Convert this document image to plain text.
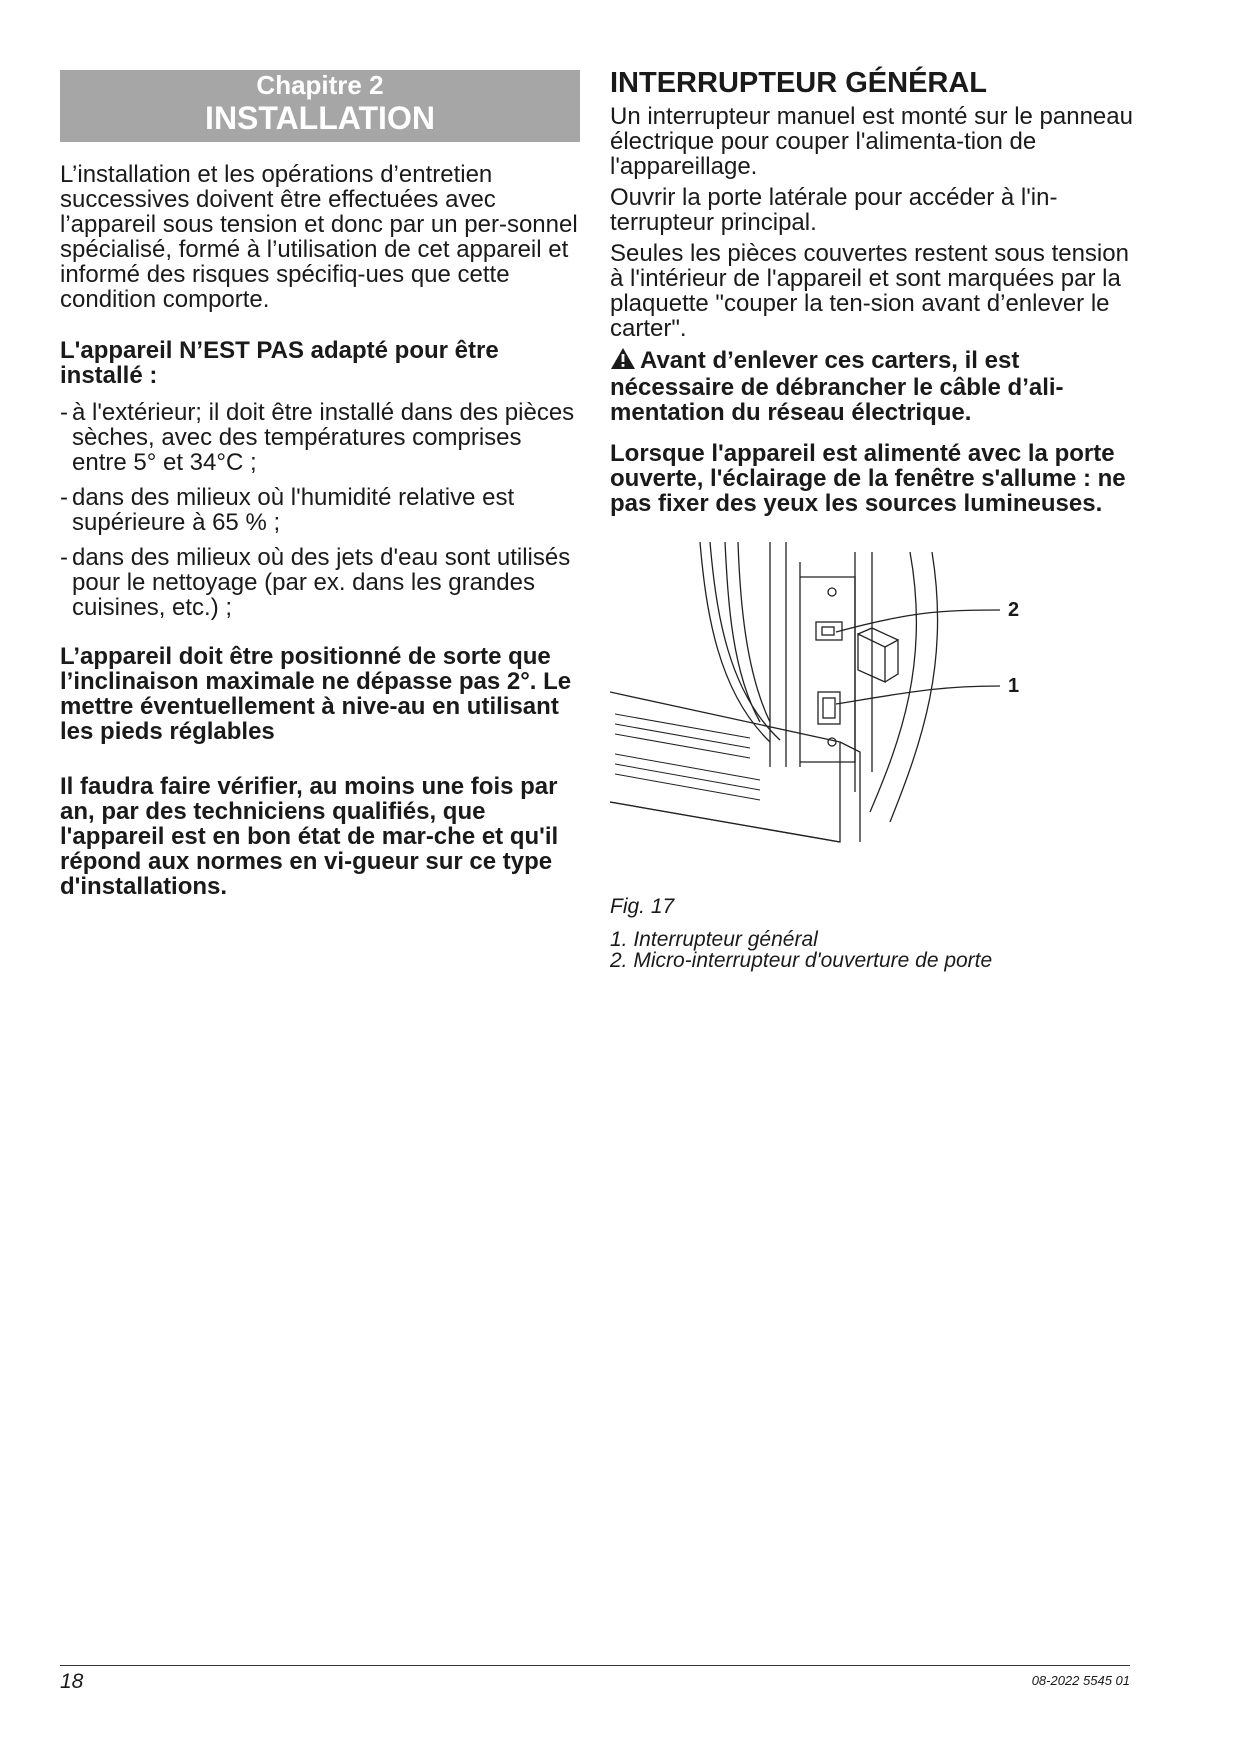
Chapitre 2
INSTALLATION

L’installation et les opérations d’entretien successives doivent être effectuées avec l’appareil sous tension et donc par un per-sonnel spécialisé, formé à l’utilisation de cet appareil et informé des risques spécifiq-ues que cette condition comporte.

L'appareil N’EST PAS adapté pour être installé :

- à l'extérieur; il doit être installé dans des pièces sèches, avec des températures comprises entre 5° et 34°C ;
- dans des milieux où l'humidité relative est supérieure à 65 % ;
- dans des milieux où des jets d'eau sont utilisés pour le nettoyage (par ex. dans les grandes cuisines, etc.) ;

L’appareil doit être positionné de sorte que l’inclinaison maximale ne dépasse pas 2°. Le mettre éventuellement à nive-au en utilisant les pieds réglables

Il faudra faire vérifier, au moins une fois par an, par des techniciens qualifiés, que l'appareil est en bon état de mar-che et qu'il répond aux normes en vi-gueur sur ce type d'installations.

INTERRUPTEUR GÉNÉRAL

Un interrupteur manuel est monté sur le panneau électrique pour couper l'alimenta-tion de l'appareillage.

Ouvrir la porte latérale pour accéder à l'in-terrupteur principal.

Seules les pièces couvertes restent sous tension à l'intérieur de l'appareil et sont marquées par la plaquette "couper la ten-sion avant d’enlever le carter".

Avant d’enlever ces carters, il est nécessaire de débrancher le câble d’ali-mentation du réseau électrique.

Lorsque l'appareil est alimenté avec la porte ouverte, l'éclairage de la fenêtre s'allume : ne pas fixer des yeux les sources lumineuses.

2
1
Fig. 17
1. Interrupteur général
2. Micro-interrupteur d'ouverture de porte
18	08-2022 5545 01
